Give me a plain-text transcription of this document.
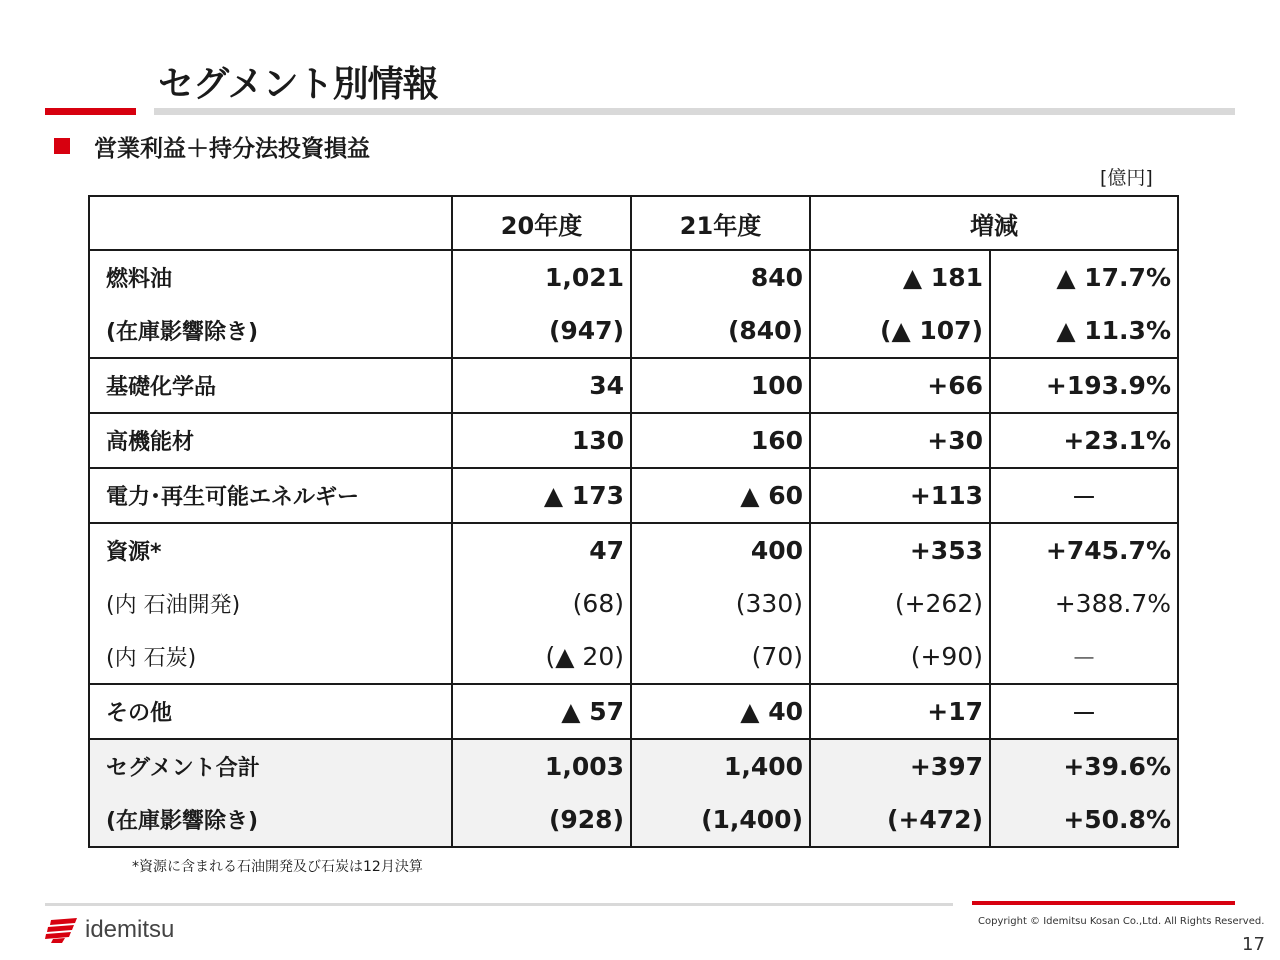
セグメント別情報
営業利益＋持分法投資損益
[億円]
	20年度	21年度	増減	
燃料油	1,021	840	▲ 181	▲ 17.7%
(在庫影響除き)	(947)	(840)	(▲ 107)	▲ 11.3%
基礎化学品	34	100	+66	+193.9%
高機能材	130	160	+30	+23.1%
電力･再生可能エネルギー	▲ 173	▲ 60	+113	－
資源*	47	400	+353	+745.7%
(内 石油開発)	(68)	(330)	(+262)	+388.7%
(内 石炭)	(▲ 20)	(70)	(+90)	－
その他	▲ 57	▲ 40	+17	－
セグメント合計	1,003	1,400	+397	+39.6%
(在庫影響除き)	(928)	(1,400)	(+472)	+50.8%
*資源に含まれる石油開発及び石炭は12月決算
idemitsu	Copyright © Idemitsu Kosan Co.,Ltd. All Rights Reserved.
17
